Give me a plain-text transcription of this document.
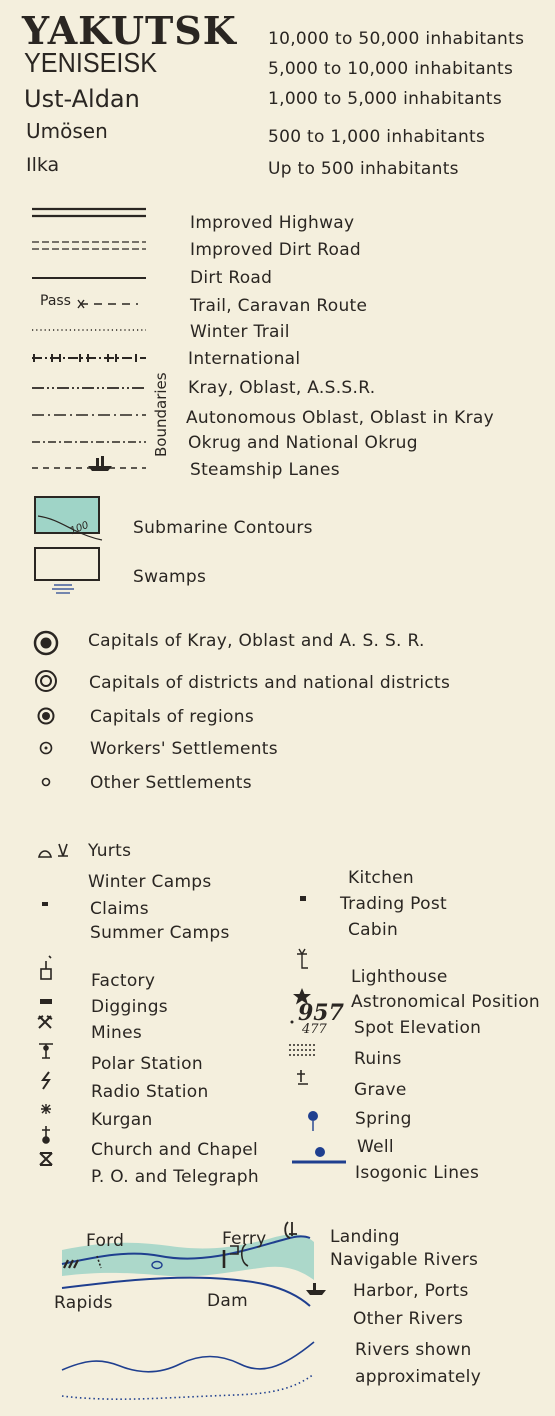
YAKUTSK 10,000 to 50,000 inhabitants
YENISEISK	5,000 to 10,000 inhabitants
Ust-Aldan	1,000 to 5,000 inhabitants
Umösen	500 to 1,000 inhabitants
Ilka	Up to 500 inhabitants
Pass
Improved Highway
Improved Dirt Road
Dirt Road
Trail, Caravan Route
Winter Trail
Boundaries
International
Kray, Oblast, A.S.S.R.
Autonomous Oblast, Oblast in Kray
Okrug and National Okrug
Steamship Lanes
100	Submarine Contours
Swamps
Capitals of Kray, Oblast and A. S. S. R.
Capitals of districts and national districts
Capitals of regions
Workers' Settlements
Other Settlements
Yurts
Winter Camps
Claims
Summer Camps
Factory
Diggings
Mines
Polar Station
Radio Station
Kurgan
Church and Chapel
P. O. and Telegraph
957
477
Kitchen
Trading Post
Cabin
Lighthouse
Astronomical Position
Spot Elevation
Ruins
Grave
Spring
Well
Isogonic Lines
Ford	Ferry	Landing
Navigable Rivers
Rapids	Dam	Harbor, Ports
Other Rivers
Rivers shown
approximately
